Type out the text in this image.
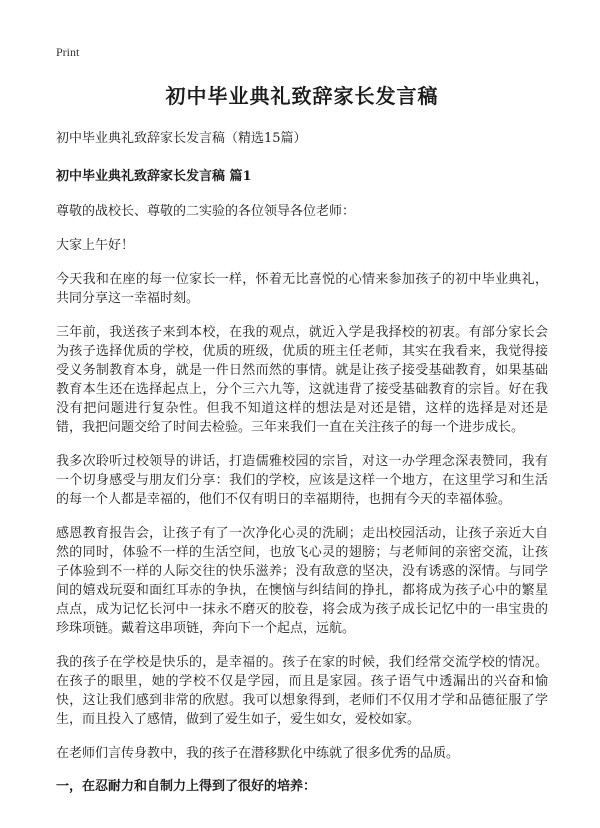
Print
初中毕业典礼致辞家长发言稿
初中毕业典礼致辞家长发言稿（精选15篇）
初中毕业典礼致辞家长发言稿 篇1

尊敬的战校长、尊敬的二实验的各位领导各位老师：

大家上午好！

今天我和在座的每一位家长一样，怀着无比喜悦的心情来参加孩子的初中毕业典礼，共同分享这一幸福时刻。

三年前，我送孩子来到本校，在我的观点，就近入学是我择校的初衷。有部分家长会为孩子选择优质的学校，优质的班级，优质的班主任老师，其实在我看来，我觉得接受义务制教育本身，就是一件日然而然的事情。就是让孩子接受基础教育，如果基础教育本生还在选择起点上，分个三六九等，这就违背了接受基础教育的宗旨。好在我没有把问题进行复杂性。但我不知道这样的想法是对还是错，这样的选择是对还是错，我把问题交给了时间去检验。三年来我们一直在关注孩子的每一个进步成长。

我多次聆听过校领导的讲话，打造儒雅校园的宗旨，对这一办学理念深表赞同，我有一个切身感受与朋友们分享：我们的学校，应该是这样一个地方，在这里学习和生活的每一个人都是幸福的，他们不仅有明日的幸福期待，也拥有今天的幸福体验。

感恩教育报告会，让孩子有了一次净化心灵的洗刷；走出校园活动，让孩子亲近大自然的同时，体验不一样的生活空间，也放飞心灵的翅膀；与老师间的亲密交流，让孩子体验到不一样的人际交往的快乐滋养；没有敌意的坚决，没有诱惑的深情。与同学间的嬉戏玩耍和面红耳赤的争执，在懊恼与纠结间的挣扎，都将成为孩子心中的繁星点点，成为记忆长河中一抹永不磨灭的胶卷，将会成为孩子成长记忆中的一串宝贵的珍珠项链。戴着这串项链，奔向下一个起点，远航。

我的孩子在学校是快乐的，是幸福的。孩子在家的时候，我们经常交流学校的情况。在孩子的眼里，她的学校不仅是学园，而且是家园。孩子语气中透漏出的兴奋和愉快，这让我们感到非常的欣慰。我可以想象得到，老师们不仅用才学和品德征服了学生，而且投入了感情，做到了爱生如子，爱生如女，爱校如家。

在老师们言传身教中，我的孩子在潜移默化中练就了很多优秀的品质。

一，在忍耐力和自制力上得到了很好的培养：
